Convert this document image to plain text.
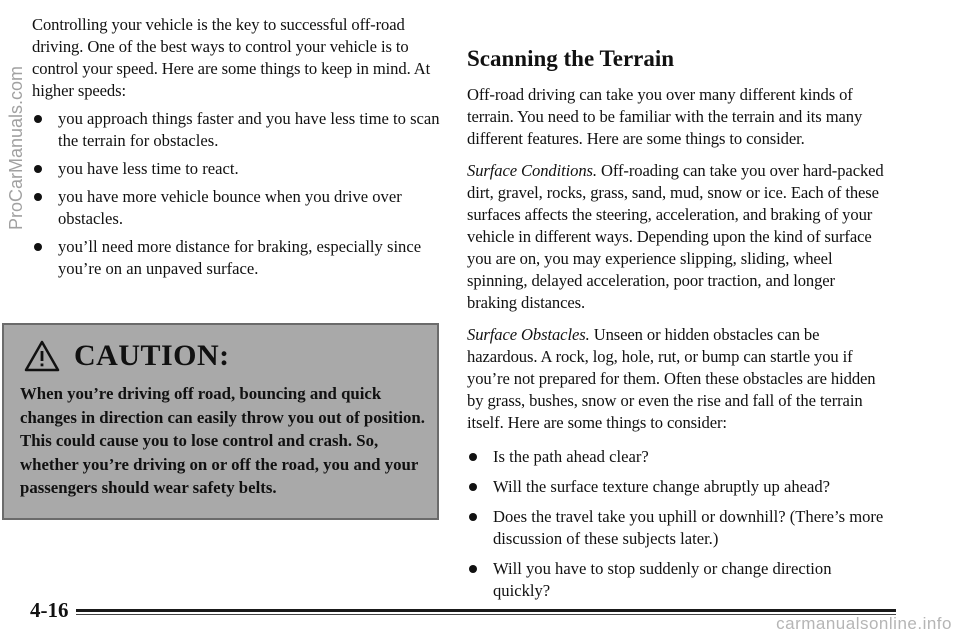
Controlling your vehicle is the key to successful off-road driving. One of the best ways to control your vehicle is to control your speed. Here are some things to keep in mind. At higher speeds:

you approach things faster and you have less time to scan the terrain for obstacles.
you have less time to react.
you have more vehicle bounce when you drive over obstacles.
you’ll need more distance for braking, especially since you’re on an unpaved surface.
CAUTION:
When you’re driving off road, bouncing and quick changes in direction can easily throw you out of position. This could cause you to lose control and crash. So, whether you’re driving on or off the road, you and your passengers should wear safety belts.
Scanning the Terrain

Off-road driving can take you over many different kinds of terrain. You need to be familiar with the terrain and its many different features. Here are some things to consider.

Surface Conditions. Off-roading can take you over hard-packed dirt, gravel, rocks, grass, sand, mud, snow or ice. Each of these surfaces affects the steering, acceleration, and braking of your vehicle in different ways. Depending upon the kind of surface you are on, you may experience slipping, sliding, wheel spinning, delayed acceleration, poor traction, and longer braking distances.

Surface Obstacles. Unseen or hidden obstacles can be hazardous. A rock, log, hole, rut, or bump can startle you if you’re not prepared for them. Often these obstacles are hidden by grass, bushes, snow or even the rise and fall of the terrain itself. Here are some things to consider:

Is the path ahead clear?
Will the surface texture change abruptly up ahead?
Does the travel take you uphill or downhill? (There’s more discussion of these subjects later.)
Will you have to stop suddenly or change direction quickly?
4-16
ProCarManuals.com
carmanualsonline.info
